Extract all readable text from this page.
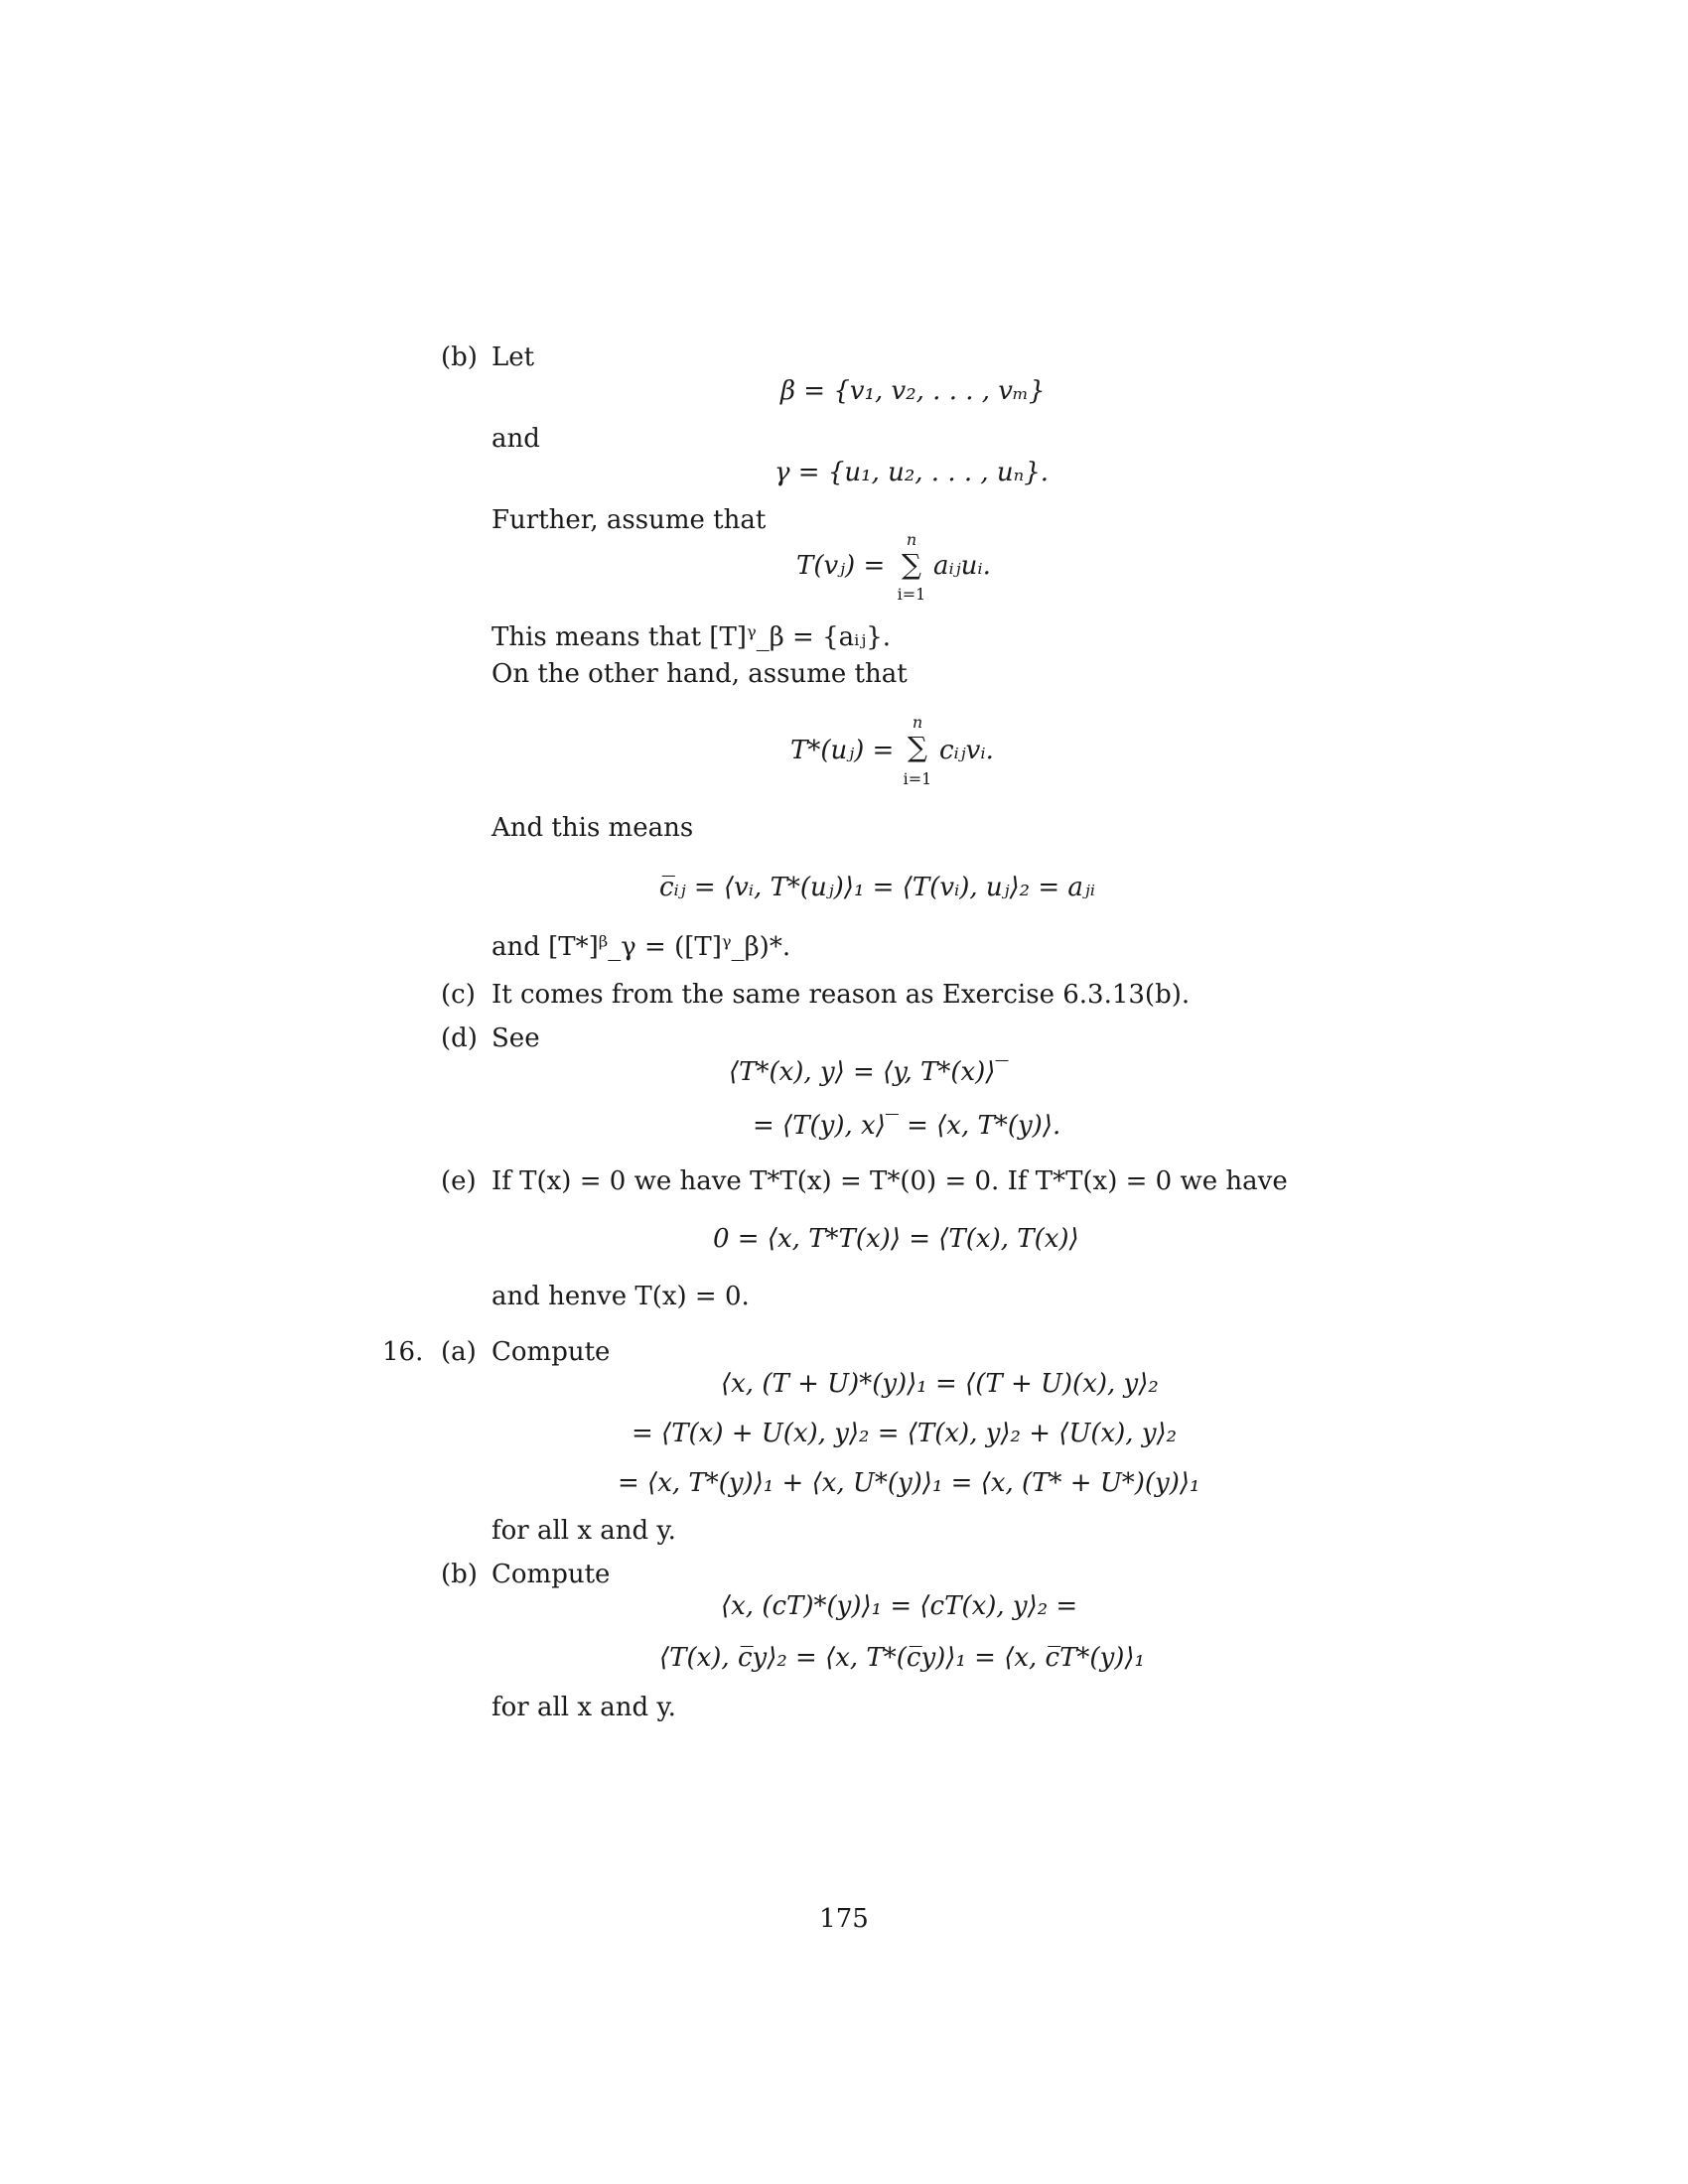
(b) Let
β = {v₁, v₂, . . . , vₘ}
and
γ = {u₁, u₂, . . . , uₙ}.
Further, assume that
T(vⱼ) =
n
∑
i=1
aᵢⱼuᵢ.
This means that [T]ᵞ_β = {aᵢⱼ}.
On the other hand, assume that
T*(uⱼ) =
n
∑
i=1
cᵢⱼvᵢ.
And this means
c̅ᵢⱼ = ⟨vᵢ, T*(uⱼ)⟩₁ = ⟨T(vᵢ), uⱼ⟩₂ = aⱼᵢ
and [T*]ᵝ_γ = ([T]ᵞ_β)*.
(c) It comes from the same reason as Exercise 6.3.13(b).
(d) See
⟨T*(x), y⟩ = ⟨y, T*(x)⟩‾
= ⟨T(y), x⟩‾ = ⟨x, T*(y)⟩.
(e) If T(x) = 0 we have T*T(x) = T*(0) = 0. If T*T(x) = 0 we have
0 = ⟨x, T*T(x)⟩ = ⟨T(x), T(x)⟩
and henve T(x) = 0.
16. (a) Compute
⟨x, (T + U)*(y)⟩₁ = ⟨(T + U)(x), y⟩₂
= ⟨T(x) + U(x), y⟩₂ = ⟨T(x), y⟩₂ + ⟨U(x), y⟩₂
= ⟨x, T*(y)⟩₁ + ⟨x, U*(y)⟩₁ = ⟨x, (T* + U*)(y)⟩₁
for all x and y.
(b) Compute
⟨x, (cT)*(y)⟩₁ = ⟨cT(x), y⟩₂ =
⟨T(x), c̅y⟩₂ = ⟨x, T*(c̅y)⟩₁ = ⟨x, c̅T*(y)⟩₁
for all x and y.
175
